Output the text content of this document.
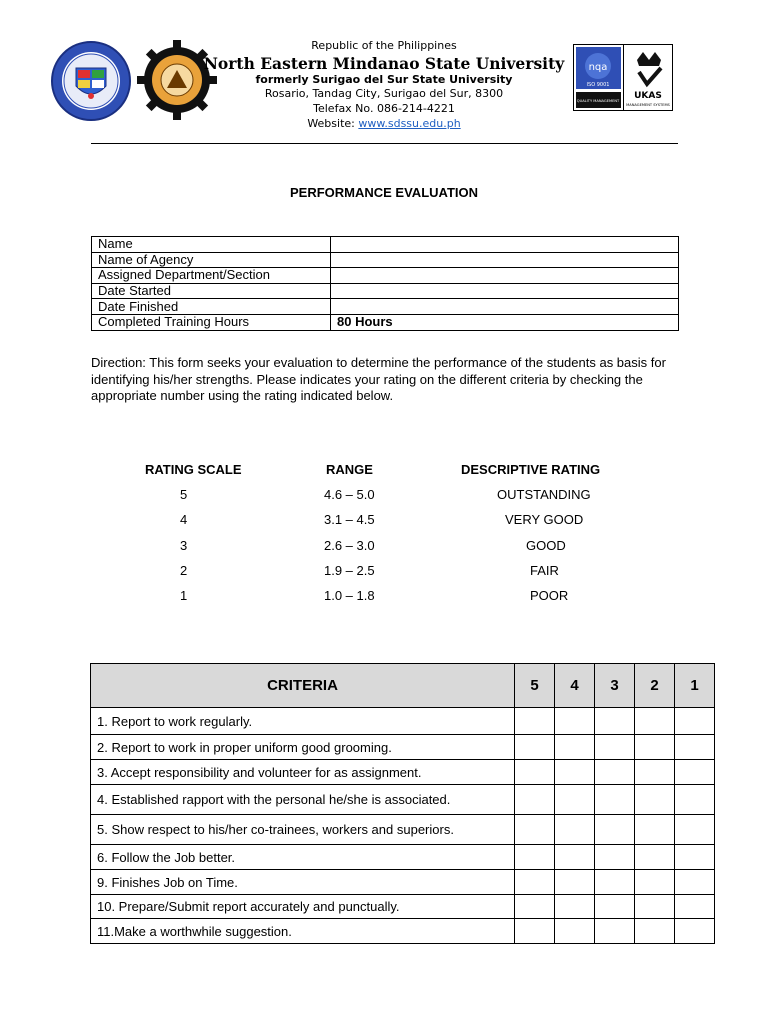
nqa
ISO 9001
QUALITY MANAGEMENT UKAS
MANAGEMENT SYSTEMS
Republic of the Philippines
North Eastern Mindanao State University
formerly Surigao del Sur State University
Rosario, Tandag City, Surigao del Sur, 8300
Telefax No. 086-214-4221
Website: www.sdssu.edu.ph
PERFORMANCE EVALUATION
Name	
Name of Agency	
Assigned Department/Section	
Date Started	
Date Finished	
Completed Training Hours	80 Hours
Direction: This form seeks your evaluation to determine the performance of the students as basis for identifying his/her strengths. Please indicates your rating on the different criteria by checking the appropriate number using the rating indicated below.
RATING SCALE	RANGE	DESCRIPTIVE RATING
5	4.6 – 5.0	OUTSTANDING
4	3.1 – 4.5	VERY GOOD
3	2.6 – 3.0	GOOD
2	1.9 – 2.5	FAIR
1	1.0 – 1.8	POOR
CRITERIA	5	4	3	2	1
1. Report to work regularly.					
2. Report to work in proper uniform good grooming.					
3. Accept responsibility and volunteer for as assignment.					
4. Established rapport with the personal he/she is associated.					
5. Show respect to his/her co-trainees, workers and superiors.					
6. Follow the Job better.					
9. Finishes Job on Time.					
10. Prepare/Submit report accurately and punctually.					
11.Make a worthwhile suggestion.					
